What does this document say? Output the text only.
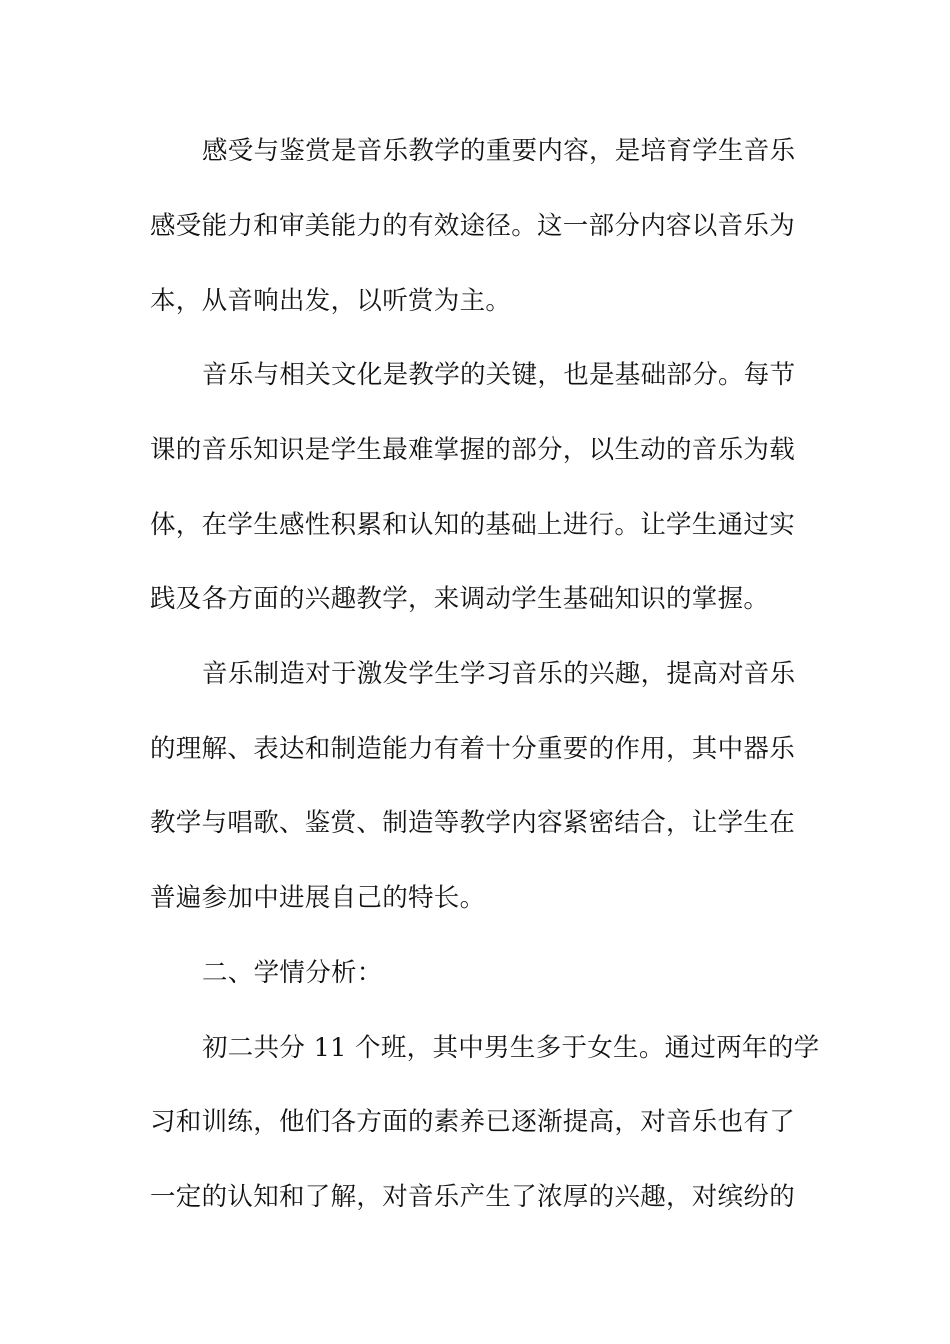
感受与鉴赏是音乐教学的重要内容，是培育学生音乐
感受能力和审美能力的有效途径。这一部分内容以音乐为
本，从音响出发，以听赏为主。
音乐与相关文化是教学的关键，也是基础部分。每节
课的音乐知识是学生最难掌握的部分，以生动的音乐为载
体，在学生感性积累和认知的基础上进行。让学生通过实
践及各方面的兴趣教学，来调动学生基础知识的掌握。
音乐制造对于激发学生学习音乐的兴趣，提高对音乐
的理解、表达和制造能力有着十分重要的作用，其中器乐
教学与唱歌、鉴赏、制造等教学内容紧密结合，让学生在
普遍参加中进展自己的特长。
二、学情分析：
初二共分 11 个班，其中男生多于女生。通过两年的学
习和训练，他们各方面的素养已逐渐提高，对音乐也有了
一定的认知和了解，对音乐产生了浓厚的兴趣，对缤纷的
